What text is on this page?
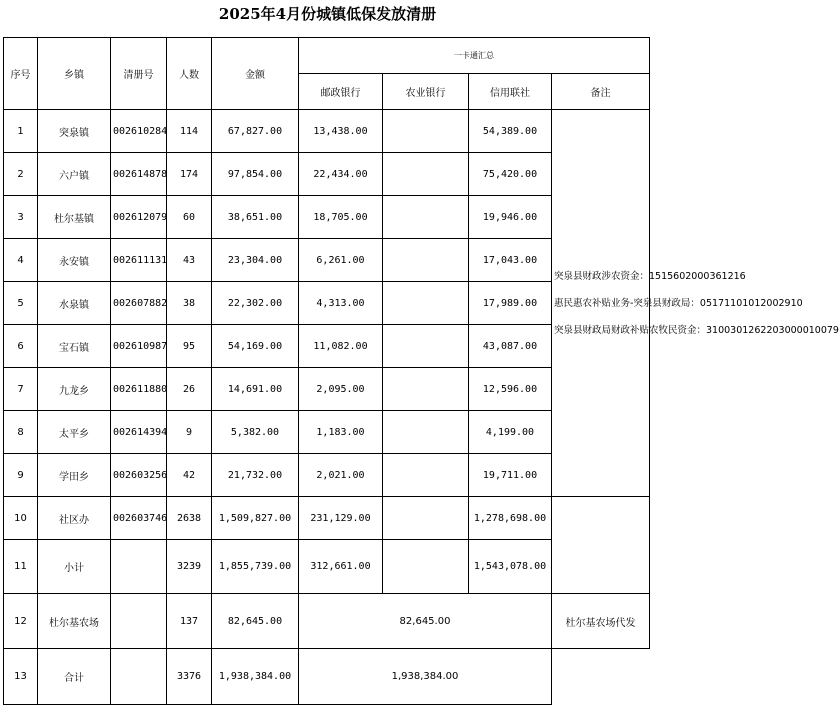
2025年4月份城镇低保发放清册
序号	乡镇	清册号	人数	金额	一卡通汇总			
					邮政银行	农业银行	信用联社	备注
1	突泉镇	002610284	114	67,827.00	13,438.00		54,389.00	突泉县财政涉农资金：1515602000361216
惠民惠农补贴业务-突泉县财政局：05171101012002910
突泉县财政局财政补贴农牧民资金：3100301262203000010079

2	六户镇	002614878	174	97,854.00	22,434.00		75,420.00	
3	杜尔基镇	002612079	60	38,651.00	18,705.00		19,946.00	
4	永安镇	002611131	43	23,304.00	6,261.00		17,043.00	
5	水泉镇	002607882	38	22,302.00	4,313.00		17,989.00	
6	宝石镇	002610987	95	54,169.00	11,082.00		43,087.00	
7	九龙乡	002611880	26	14,691.00	2,095.00		12,596.00	
8	太平乡	002614394	9	5,382.00	1,183.00		4,199.00	
9	学田乡	002603256	42	21,732.00	2,021.00		19,711.00	
10	社区办	002603746	2638	1,509,827.00	231,129.00		1,278,698.00	
11	小计		3239	1,855,739.00	312,661.00		1,543,078.00	
12	杜尔基农场		137	82,645.00	82,645.00			杜尔基农场代发
13	合计		3376	1,938,384.00	1,938,384.00			
